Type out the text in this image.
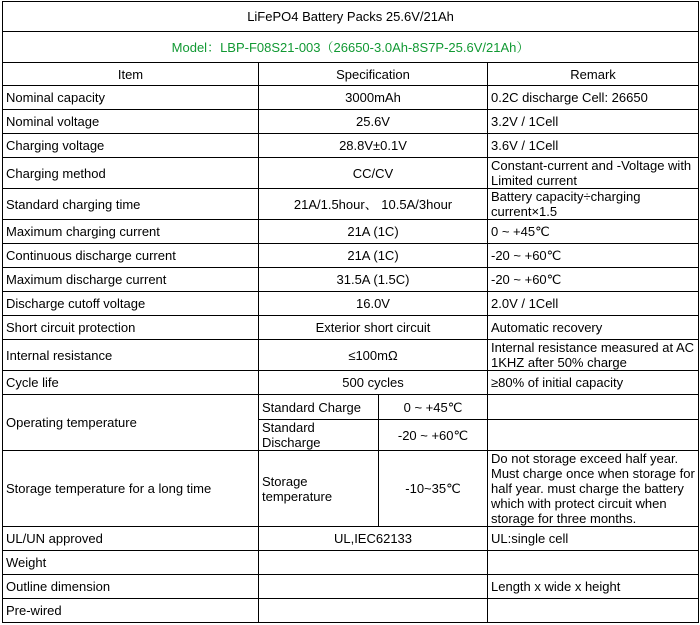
LiFePO4 Battery Packs 25.6V/21Ah			
Model：LBP-F08S21-003（26650-3.0Ah-8S7P-25.6V/21Ah）			
Item	Specification		Remark
Nominal capacity	3000mAh		0.2C discharge Cell: 26650
Nominal voltage	25.6V		3.2V / 1Cell
Charging voltage	28.8V±0.1V		3.6V / 1Cell
Charging method	CC/CV		Constant-current and -Voltage with Limited current
Standard charging time	21A/1.5hour、 10.5A/3hour		Battery capacity÷charging current×1.5
Maximum charging current	21A (1C)		0 ~ +45℃
Continuous discharge current	21A (1C)		-20 ~ +60℃
Maximum discharge current	31.5A (1.5C)		-20 ~ +60℃
Discharge cutoff voltage	16.0V		2.0V / 1Cell
Short circuit protection	Exterior short circuit		Automatic recovery
Internal resistance	≤100mΩ		Internal resistance measured at AC 1KHZ after 50% charge
Cycle life	500 cycles		≥80% of initial capacity
Operating temperature	Standard Charge	0 ~ +45℃	
	Standard Discharge	-20 ~ +60℃	
Storage temperature for a long time	Storage temperature	-10~35℃	Do not storage exceed half year. Must charge once when storage for half year. must charge the battery which with protect circuit when storage for three months.
UL/UN approved	UL,IEC62133		UL:single cell
Weight			
Outline dimension			Length x wide x height
Pre-wired			
